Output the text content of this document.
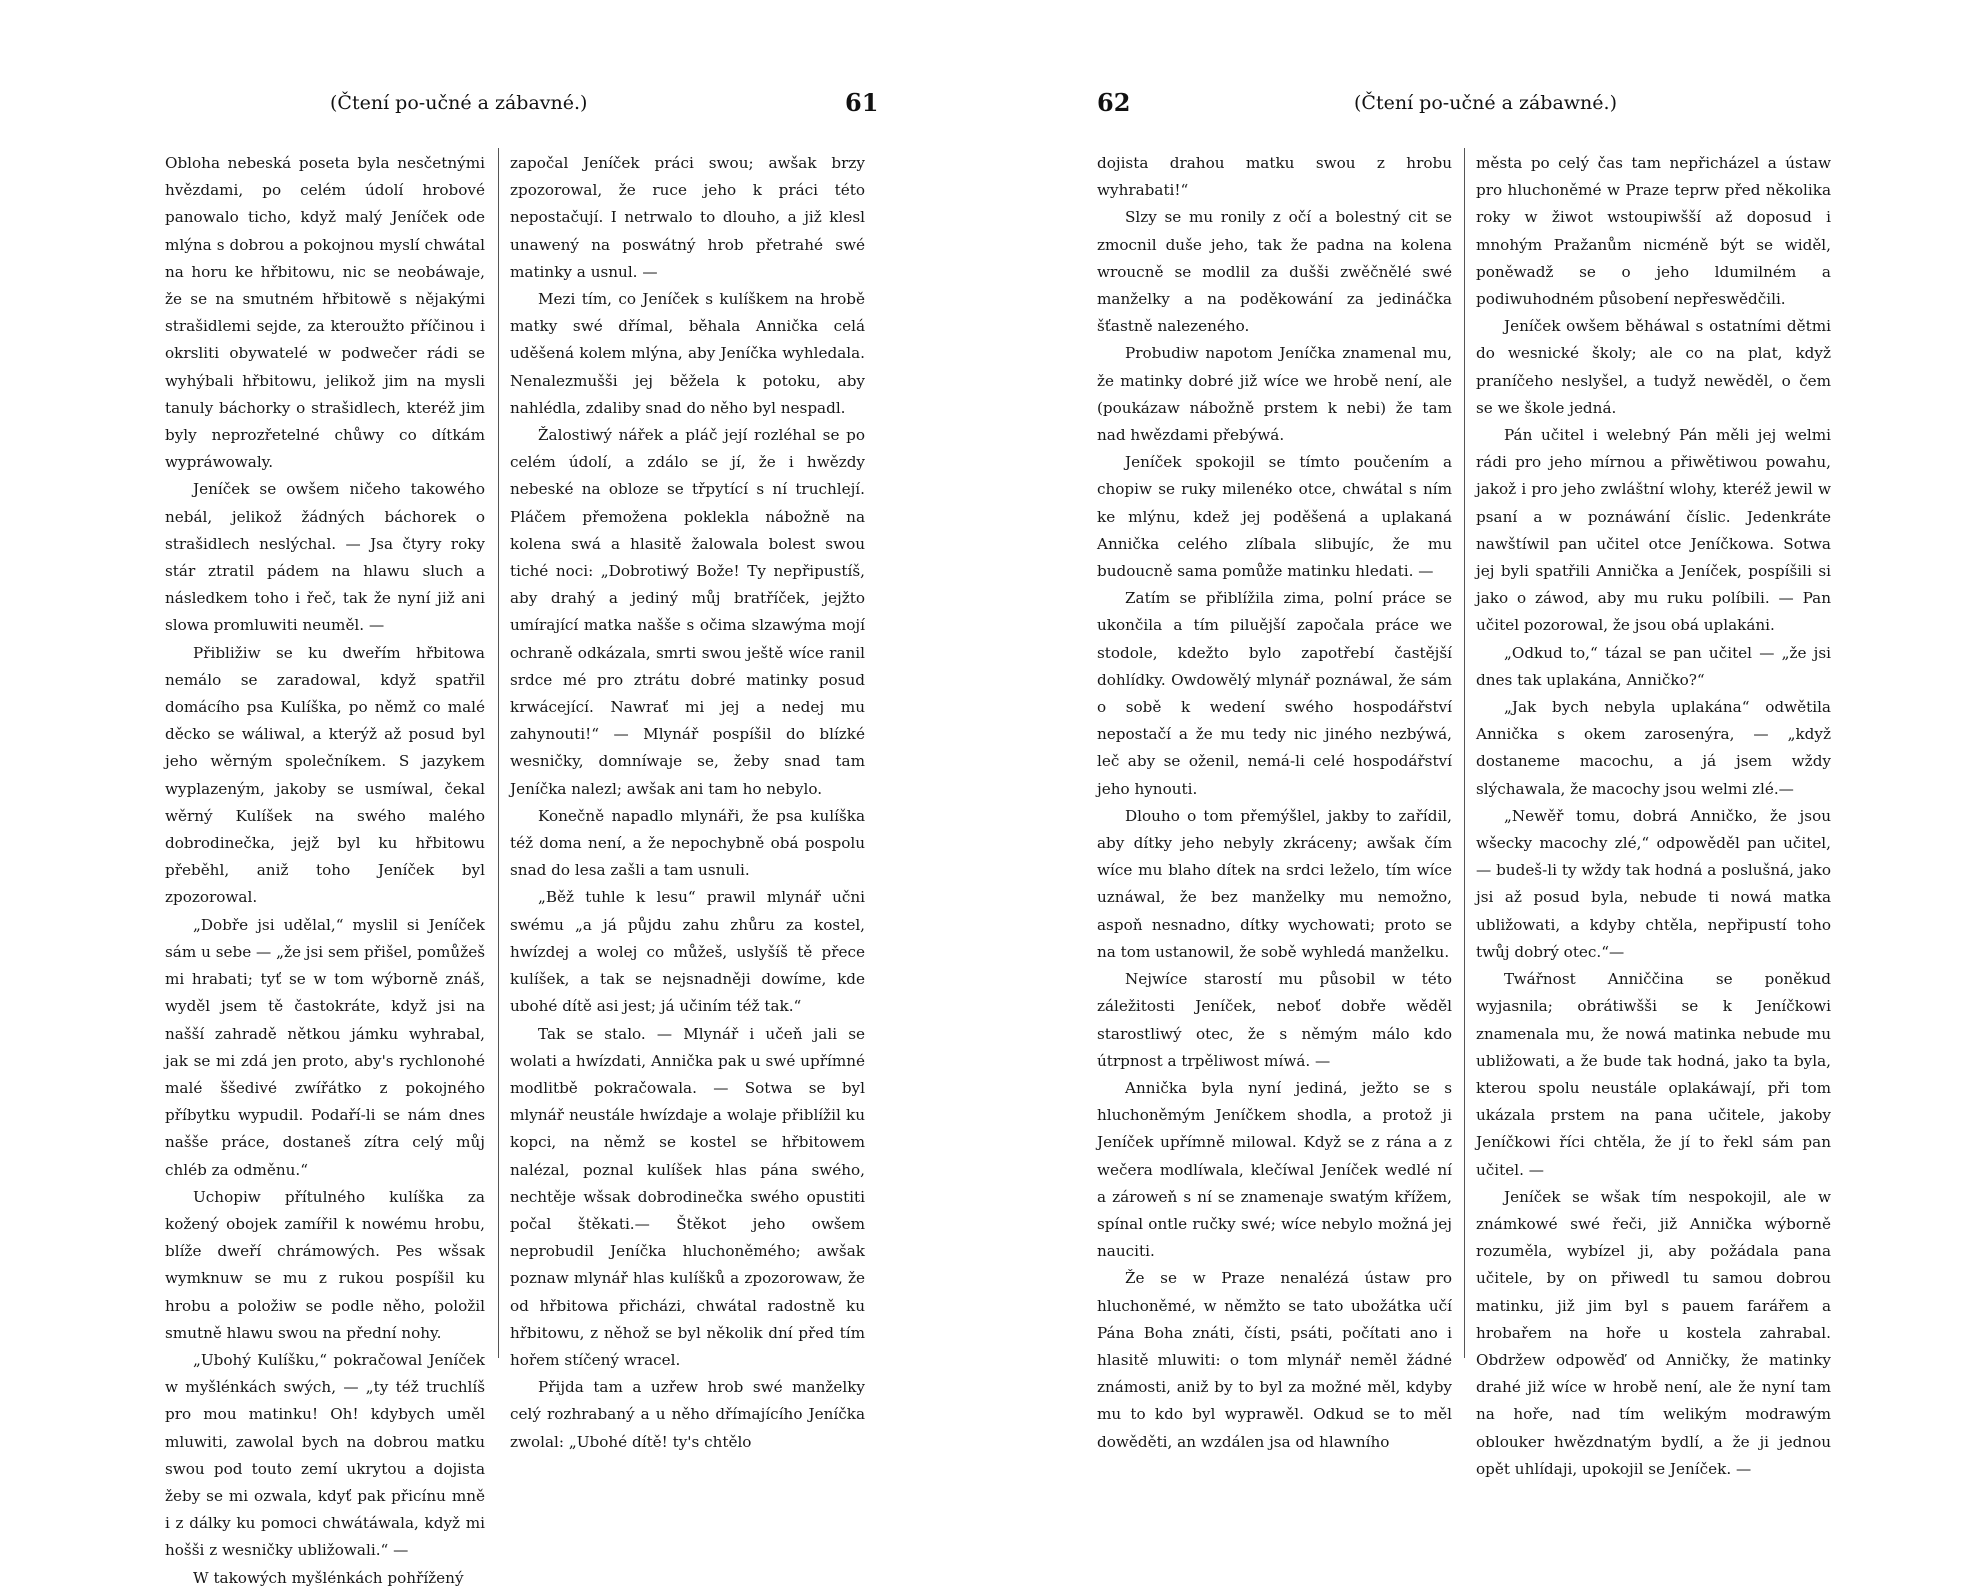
(Čtení po-učné a zábavné.)	61

Obloha nebeská poseta byla nesčetnými hvězdami, po celém údolí hrobové panowalo ticho, když malý Jeníček ode mlýna s dobrou a pokojnou myslí chwátal na horu ke hřbitowu, nic se neobáwaje, že se na smutném hřbitowě s nějakými strašidlemi sejde, za kteroužto příčinou i okrsliti obywatelé w podwečer rádi se wyhýbali hřbitowu, jelikož jim na mysli tanuly báchorky o strašidlech, kteréž jim byly neprozřetelné chůwy co dítkám wypráwowaly.

Jeníček se owšem ničeho takowého nebál, jelikož žádných báchorek o strašidlech neslýchal. — Jsa čtyry roky stár ztratil pádem na hlawu sluch a následkem toho i řeč, tak že nyní již ani slowa promluwiti neuměl. —

Přibližiw se ku dweřím hřbitowa nemálo se zaradowal, když spatřil domácího psa Kulíška, po němž co malé děcko se wáliwal, a kterýž až posud byl jeho wěrným společníkem. S jazykem wyplazeným, jakoby se usmíwal, čekal wěrný Kulíšek na swého malého dobrodinečka, jejž byl ku hřbitowu přeběhl, aniž toho Jeníček byl zpozorowal.

„Dobře jsi udělal,“ myslil si Jeníček sám u sebe — „že jsi sem přišel, pomůžeš mi hrabati; tyť se w tom wýborně znáš, wyděl jsem tě častokráte, když jsi na našší zahradě nětkou jámku wyhrabal, jak se mi zdá jen proto, aby's rychlonohé malé ššedivé zwířátko z pokojného příbytku wypudil. Podaří-li se nám dnes našše práce, dostaneš zítra celý můj chléb za odměnu.“

Uchopiw přítulného kulíška za kožený obojek zamířil k nowému hrobu, blíže dweří chrámowých. Pes wšsak wymknuw se mu z rukou pospíšil ku hrobu a položiw se podle něho, položil smutně hlawu swou na přední nohy.

„Ubohý Kulíšku,“ pokračowal Jeníček w myšlénkách swých, — „ty též truchlíš pro mou matinku! Oh! kdybych uměl mluwiti, zawolal bych na dobrou matku swou pod touto zemí ukrytou a dojista žeby se mi ozwala, kdyť pak přicínu mně i z dálky ku pomoci chwátáwala, když mi hošši z wesničky ubližowali.“ —

W takowých myšlénkách pohřížený

započal Jeníček práci swou; awšak brzy zpozorowal, že ruce jeho k práci této nepostačují. I netrwalo to dlouho, a již klesl unawený na poswátný hrob přetrahé swé matinky a usnul. —

Mezi tím, co Jeníček s kulíškem na hrobě matky swé dřímal, běhala Annička celá uděšená kolem mlýna, aby Jeníčka wyhledala. Nenalezmušši jej běžela k potoku, aby nahlédla, zdaliby snad do něho byl nespadl.

Žalostiwý nářek a pláč její rozléhal se po celém údolí, a zdálo se jí, že i hwězdy nebeské na obloze se třpytící s ní truchlejí. Pláčem přemožena poklekla nábožně na kolena swá a hlasitě žalowala bolest swou tiché noci: „Dobrotiwý Bože! Ty nepřipustíš, aby drahý a jediný můj bratříček, jejžto umírající matka našše s očima slzawýma mojí ochraně odkázala, smrti swou ještě wíce ranil srdce mé pro ztrátu dobré matinky posud krwácející. Nawrať mi jej a nedej mu zahynouti!“ — Mlynář pospíšil do blízké wesničky, domníwaje se, žeby snad tam Jeníčka nalezl; awšak ani tam ho nebylo.

Konečně napadlo mlynáři, že psa kulíška též doma není, a že nepochybně obá pospolu snad do lesa zašli a tam usnuli.

„Běž tuhle k lesu“ prawil mlynář učni swému „a já půjdu zahu zhůru za kostel, hwízdej a wolej co můžeš, uslyšíš tě přece kulíšek, a tak se nejsnadněji dowíme, kde ubohé dítě asi jest; já učiním též tak.“

Tak se stalo. — Mlynář i učeň jali se wolati a hwízdati, Annička pak u swé upřímné modlitbě pokračowala. — Sotwa se byl mlynář neustále hwízdaje a wolaje přiblížil ku kopci, na němž se kostel se hřbitowem nalézal, poznal kulíšek hlas pána swého, nechtěje wšsak dobrodinečka swého opustiti počal štěkati.— Štěkot jeho owšem neprobudil Jeníčka hluchoněmého; awšak poznaw mlynář hlas kulíšků a zpozorowaw, že od hřbitowa přicházi, chwátal radostně ku hřbitowu, z něhož se byl několik dní před tím hořem stíčený wracel.

Přijda tam a uzřew hrob swé manželky celý rozhrabaný a u něho dřímajícího Jeníčka zwolal: „Ubohé dítě! ty's chtělo

(Čtení po-učné a zábawné.)
62

dojista drahou matku swou z hrobu wyhrabati!“

Slzy se mu ronily z očí a bolestný cit se zmocnil duše jeho, tak že padna na kolena wroucně se modlil za dušši zwěčnělé swé manželky a na poděkowání za jedináčka šťastně nalezeného.

Probudiw napotom Jeníčka znamenal mu, že matinky dobré již wíce we hrobě není, ale (poukázaw nábožně prstem k nebi) že tam nad hwězdami přebýwá.

Jeníček spokojil se tímto poučením a chopiw se ruky milenéko otce, chwátal s ním ke mlýnu, kdež jej poděšená a uplakaná Annička celého zlíbala slibujíc, že mu budoucně sama pomůže matinku hledati. —

Zatím se přiblížila zima, polní práce se ukončila a tím piluější započala práce we stodole, kdežto bylo zapotřebí častější dohlídky. Owdowělý mlynář poznáwal, že sám o sobě k wedení swého hospodářství nepostačí a že mu tedy nic jiného nezbýwá, leč aby se oženil, nemá-li celé hospodářství jeho hynouti.

Dlouho o tom přemýšlel, jakby to zařídil, aby dítky jeho nebyly zkráceny; awšak čím wíce mu blaho dítek na srdci leželo, tím wíce uznáwal, že bez manželky mu nemožno, aspoň nesnadno, dítky wychowati; proto se na tom ustanowil, že sobě wyhledá manželku.

Nejwíce starostí mu působil w této záležitosti Jeníček, neboť dobře wěděl starostliwý otec, že s němým málo kdo útrpnost a trpěliwost míwá. —

Annička byla nyní jediná, ježto se s hluchoněmým Jeníčkem shodla, a protož ji Jeníček upřímně milowal. Když se z rána a z wečera modlíwala, klečíwal Jeníček wedlé ní a zároweň s ní se znamenaje swatým křížem, spínal ontle ručky swé; wíce nebylo možná jej nauciti.

Že se w Praze nenalézá ústaw pro hluchoněmé, w němžto se tato ubožátka učí Pána Boha znáti, čísti, psáti, počítati ano i hlasitě mluwiti: o tom mlynář neměl žádné známosti, aniž by to byl za možné měl, kdyby mu to kdo byl wyprawěl. Odkud se to měl dowěděti, an wzdálen jsa od hlawního

města po celý čas tam nepřicházel a ústaw pro hluchoněmé w Praze teprw před několika roky w žiwot wstoupiwšší až doposud i mnohým Pražanům nicméně být se widěl, poněwadž se o jeho ldumilném a podiwuhodném působení nepřeswědčili.

Jeníček owšem běháwal s ostatními dětmi do wesnické školy; ale co na plat, když praníčeho neslyšel, a tudyž newěděl, o čem se we škole jedná.

Pán učitel i welebný Pán měli jej welmi rádi pro jeho mírnou a přiwětiwou powahu, jakož i pro jeho zwláštní wlohy, kteréž jewil w psaní a w poznáwání číslic. Jedenkráte nawštíwil pan učitel otce Jeníčkowa. Sotwa jej byli spatřili Annička a Jeníček, pospíšili si jako o záwod, aby mu ruku políbili. — Pan učitel pozorowal, že jsou obá uplakáni.

„Odkud to,“ tázal se pan učitel — „že jsi dnes tak uplakána, Anničko?“

„Jak bych nebyla uplakána“ odwětila Annička s okem zarosenýra, — „když dostaneme macochu, a já jsem wždy slýchawala, že macochy jsou welmi zlé.—

„Newěř tomu, dobrá Anničko, že jsou wšecky macochy zlé,“ odpowěděl pan učitel, — budeš-li ty wždy tak hodná a poslušná, jako jsi až posud byla, nebude ti nowá matka ubližowati, a kdyby chtěla, nepřipustí toho twůj dobrý otec.“—

Twářnost Anniččina se poněkud wyjasnila; obrátiwšši se k Jeníčkowi znamenala mu, že nowá matinka nebude mu ubližowati, a že bude tak hodná, jako ta byla, kterou spolu neustále oplakáwají, při tom ukázala prstem na pana učitele, jakoby Jeníčkowi říci chtěla, že jí to řekl sám pan učitel. —

Jeníček se wšak tím nespokojil, ale w známkowé swé řeči, již Annička wýborně rozuměla, wybízel ji, aby požádala pana učitele, by on přiwedl tu samou dobrou matinku, již jim byl s pauem farářem a hrobařem na hoře u kostela zahrabal. Obdržew odpowěď od Anničky, že matinky drahé již wíce w hrobě není, ale že nyní tam na hoře, nad tím welikým modrawým oblouker hwězdnatým bydlí, a že ji jednou opět uhlídaji, upokojil se Jeníček. —
